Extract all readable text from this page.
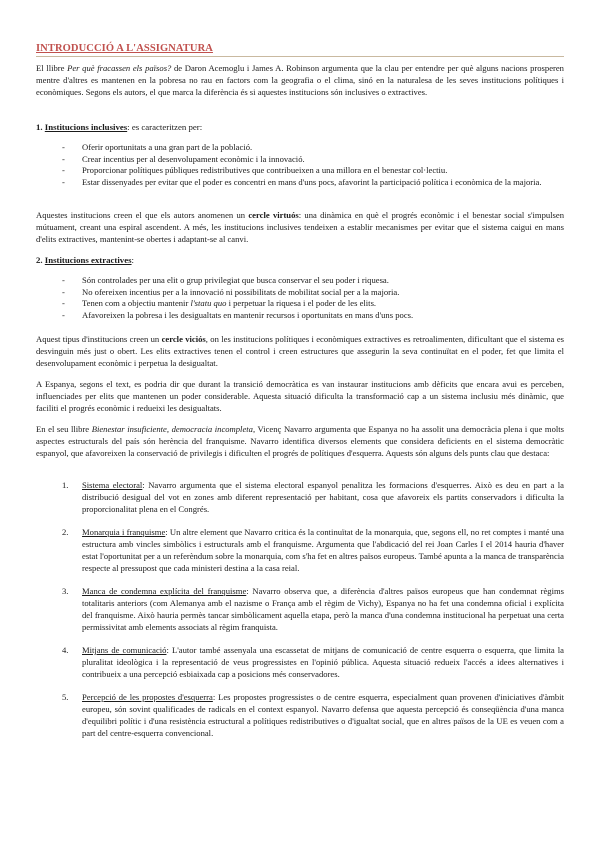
INTRODUCCIÓ A L'ASSIGNATURA

El llibre Per què fracassen els països? de Daron Acemoglu i James A. Robinson argumenta que la clau per entendre per què alguns nacions prosperen mentre d'altres es mantenen en la pobresa no rau en factors com la geografia o el clima, sinó en la naturalesa de les seves institucions polítiques i econòmiques. Segons els autors, el que marca la diferència és si aquestes institucions són inclusives o extractives.

1. Institucions inclusives: es caracteritzen per:
- Oferir oportunitats a una gran part de la població.
- Crear incentius per al desenvolupament econòmic i la innovació.
- Proporcionar polítiques públiques redistributives que contribueixen a una millora en el benestar col·lectiu.
- Estar dissenyades per evitar que el poder es concentri en mans d'uns pocs, afavorint la participació política i econòmica de la majoria.

Aquestes institucions creen el que els autors anomenen un cercle virtuós: una dinàmica en què el progrés econòmic i el benestar social s'impulsen mútuament, creant una espiral ascendent. A més, les institucions inclusives tendeixen a establir mecanismes per evitar que el sistema caigui en mans d'elits extractives, mantenint-se obertes i adaptant-se al canvi.

2. Institucions extractives:
- Són controlades per una elit o grup privilegiat que busca conservar el seu poder i riquesa.
- No ofereixen incentius per a la innovació ni possibilitats de mobilitat social per a la majoria.
- Tenen com a objectiu mantenir l'statu quo i perpetuar la riquesa i el poder de les elits.
- Afavoreixen la pobresa i les desigualtats en mantenir recursos i oportunitats en mans d'uns pocs.

Aquest tipus d'institucions creen un cercle viciós, on les institucions polítiques i econòmiques extractives es retroalimenten, dificultant que el sistema es desvinguin més just o obert. Les elits extractives tenen el control i creen estructures que assegurin la seva continuïtat en el poder, fet que limita el desenvolupament econòmic i perpetua la desigualtat.

A Espanya, segons el text, es podria dir que durant la transició democràtica es van instaurar institucions amb dèficits que encara avui es perceben, influenciades per elits que mantenen un poder considerable. Aquesta situació dificulta la transformació cap a un sistema inclusiu més dinàmic, que faciliti el progrés econòmic i redueixi les desigualtats.

En el seu llibre Bienestar insuficiente, democracia incompleta, Vicenç Navarro argumenta que Espanya no ha assolit una democràcia plena i que molts aspectes estructurals del país són herència del franquisme. Navarro identifica diversos elements que considera deficients en el sistema democràtic espanyol, que afavoreixen la conservació de privilegis i dificulten el progrés de polítiques d'esquerra. Aquests són alguns dels punts clau que destaca:

1. Sistema electoral: Navarro argumenta que el sistema electoral espanyol penalitza les formacions d'esquerres. Això es deu en part a la distribució desigual del vot en zones amb diferent representació per habitant, cosa que afavoreix els partits conservadors i dificulta la proporcionalitat plena en el Congrés.
2. Monarquia i franquisme: Un altre element que Navarro critica és la continuïtat de la monarquia, que, segons ell, no ret comptes i manté una estructura amb vincles simbòlics i estructurals amb el franquisme. Argumenta que l'abdicació del rei Joan Carles I el 2014 hauria d'haver estat l'oportunitat per a un referèndum sobre la monarquia, com s'ha fet en altres països europeus. També apunta a la manca de transparència respecte al pressupost que cada ministeri destina a la casa reial.
3. Manca de condemna explícita del franquisme: Navarro observa que, a diferència d'altres països europeus que han condemnat règims totalitaris anteriors (com Alemanya amb el nazisme o França amb el règim de Vichy), Espanya no ha fet una condemna oficial i explícita del franquisme. Això hauria permès tancar simbòlicament aquella etapa, però la manca d'una condemna institucional ha perpetuat una certa permissivitat amb elements associats al règim franquista.
4. Mitjans de comunicació: L'autor també assenyala una escassetat de mitjans de comunicació de centre esquerra o esquerra, que limita la pluralitat ideològica i la representació de veus progressistes en l'opinió pública. Aquesta situació redueix l'accés a idees alternatives i contribueix a una percepció esbiaixada cap a posicions més conservadores.
5. Percepció de les propostes d'esquerra: Les propostes progressistes o de centre esquerra, especialment quan provenen d'iniciatives d'àmbit europeu, són sovint qualificades de radicals en el context espanyol. Navarro defensa que aquesta percepció és conseqüència d'una manca d'equilibri polític i d'una resistència estructural a polítiques redistributives o d'igualtat social, que en altres països de la UE es veuen com a part del centre-esquerra convencional.
